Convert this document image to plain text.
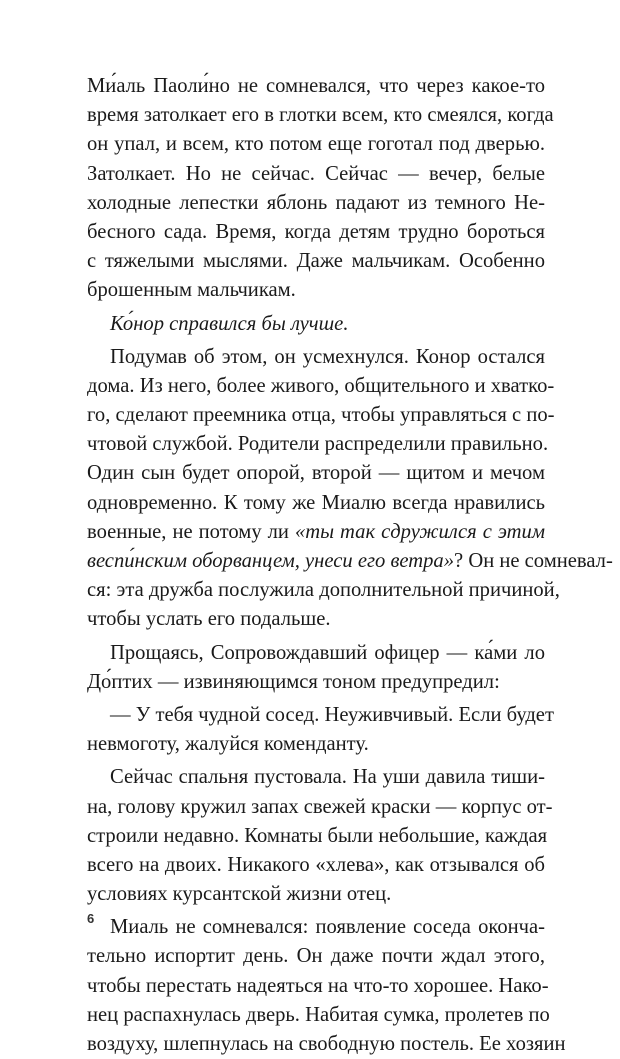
Ми́аль Паоли́но не сомневался, что через какое-то
время затолкает его в глотки всем, кто смеялся, когда
он упал, и всем, кто потом еще гоготал под дверью.
Затолкает. Но не сейчас. Сейчас — вечер, белые
холодные лепестки яблонь падают из темного Не-
бесного сада. Время, когда детям трудно бороться
с тяжелыми мыслями. Даже мальчикам. Особенно
брошенным мальчикам.
Ко́нор справился бы лучше.
Подумав об этом, он усмехнулся. Конор остался
дома. Из него, более живого, общительного и хватко-
го, сделают преемника отца, чтобы управляться с по-
чтовой службой. Родители распределили правильно.
Один сын будет опорой, второй — щитом и мечом
одновременно. К тому же Миалю всегда нравились
военные, не потому ли «ты так сдружился с этим
веспи́нским оборванцем, унеси его ветра»? Он не сомневал-
ся: эта дружба послужила дополнительной причиной,
чтобы услать его подальше.
Прощаясь, Сопровождавший офицер — ка́ми ло
До́птих — извиняющимся тоном предупредил:
— У тебя чудной сосед. Неуживчивый. Если будет
невмоготу, жалуйся коменданту.
Сейчас спальня пустовала. На уши давила тиши-
на, голову кружил запах свежей краски — корпус от-
строили недавно. Комнаты были небольшие, каждая
всего на двоих. Никакого «хлева», как отзывался об
условиях курсантской жизни отец.
Миаль не сомневался: появление соседа оконча-
тельно испортит день. Он даже почти ждал этого,
чтобы перестать надеяться на что-то хорошее. Нако-
нец распахнулась дверь. Набитая сумка, пролетев по
воздуху, шлепнулась на свободную постель. Ее хозяин
6
